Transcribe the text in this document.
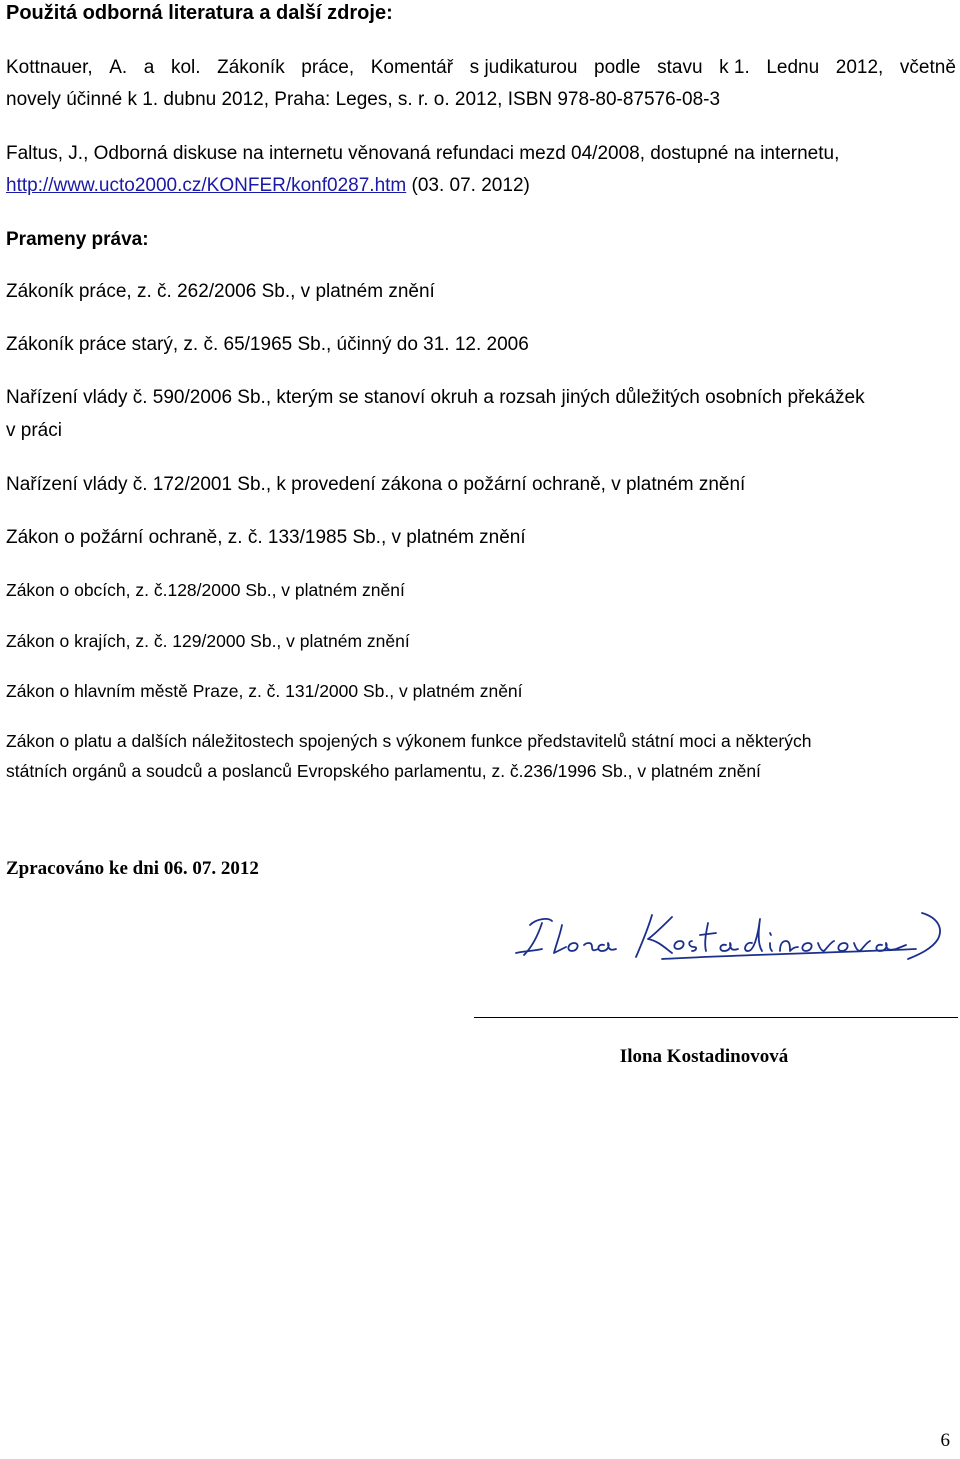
Použitá odborná literatura a další zdroje:
Kottnauer, A. a kol. Zákoník práce, Komentář s judikaturou podle stavu k 1. Lednu 2012, včetně
novely účinné k 1. dubnu 2012, Praha: Leges, s. r. o. 2012, ISBN 978-80-87576-08-3
Faltus, J., Odborná diskuse na internetu věnovaná refundaci mezd 04/2008, dostupné na internetu,
http://www.ucto2000.cz/KONFER/konf0287.htm (03. 07. 2012)
Prameny práva:
Zákoník práce, z. č. 262/2006 Sb., v platném znění
Zákoník práce starý, z. č. 65/1965 Sb., účinný do 31. 12. 2006
Nařízení vlády č. 590/2006 Sb., kterým se stanoví okruh a rozsah jiných důležitých osobních překážek
v práci
Nařízení vlády č. 172/2001 Sb., k provedení zákona o požární ochraně, v platném znění
Zákon o požární ochraně, z. č. 133/1985 Sb., v platném znění
Zákon o obcích, z. č.128/2000 Sb., v platném znění
Zákon o krajích, z. č. 129/2000 Sb., v platném znění
Zákon o hlavním městě Praze, z. č. 131/2000 Sb., v platném znění
Zákon o platu a dalších náležitostech spojených s výkonem funkce představitelů státní moci a některých
státních orgánů a soudců a poslanců Evropského parlamentu, z. č.236/1996 Sb., v platném znění
Zpracováno ke dni 06. 07. 2012
Ilona Kostadinovová
6
